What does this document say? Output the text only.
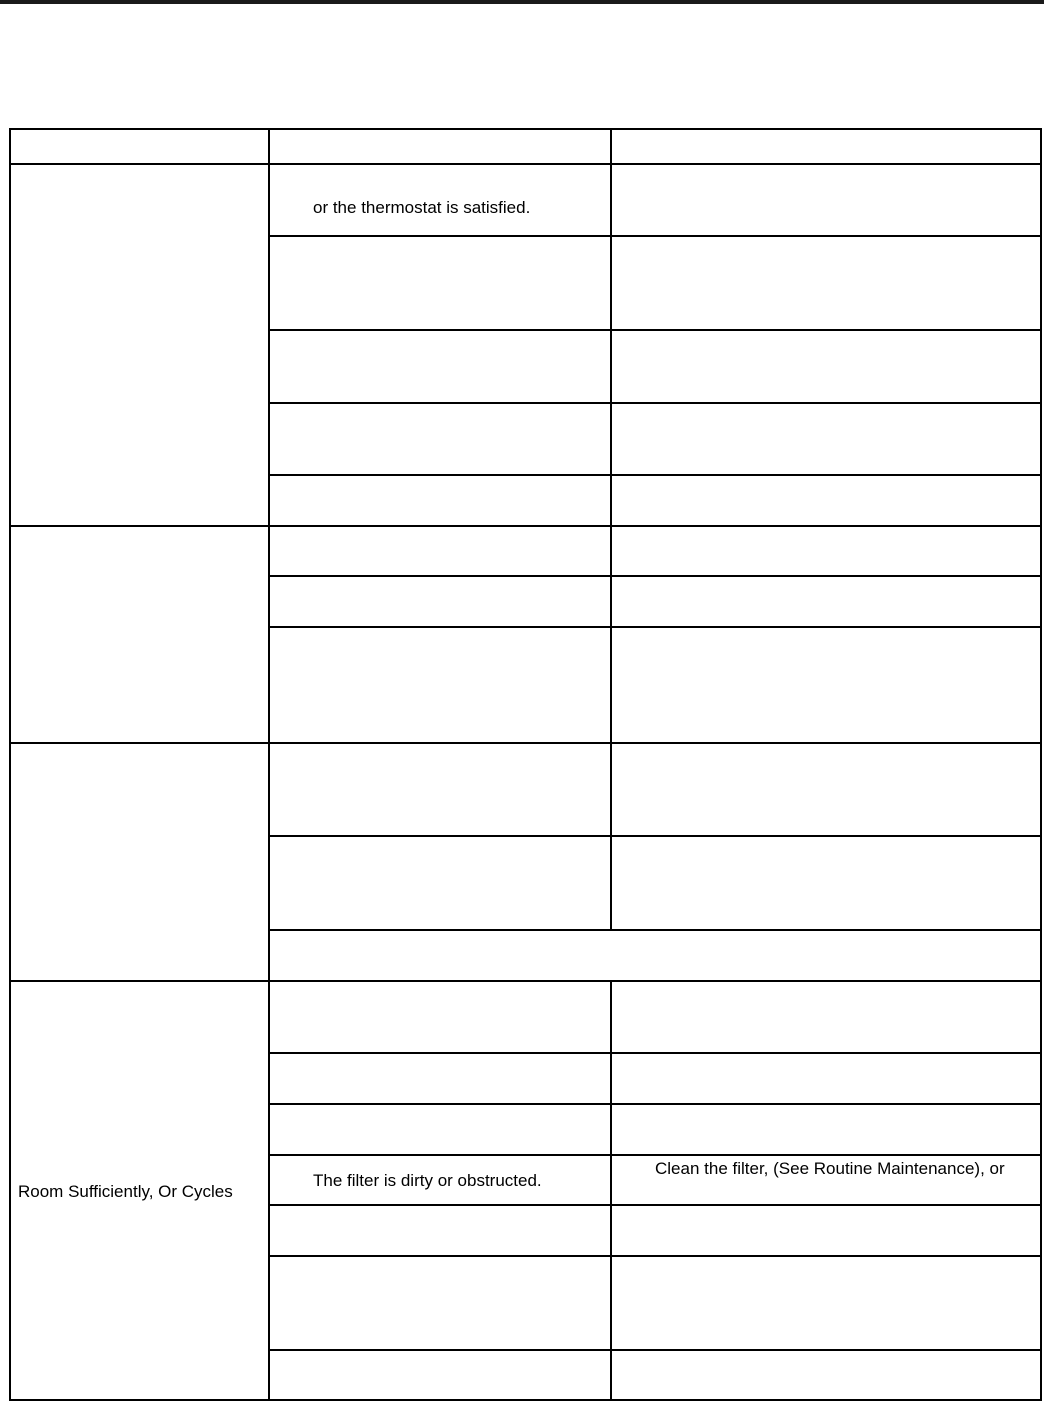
or the thermostat is satisfied.
Room Sufficiently, Or Cycles
The filter is dirty or obstructed.
Clean the filter, (See Routine Maintenance), or
